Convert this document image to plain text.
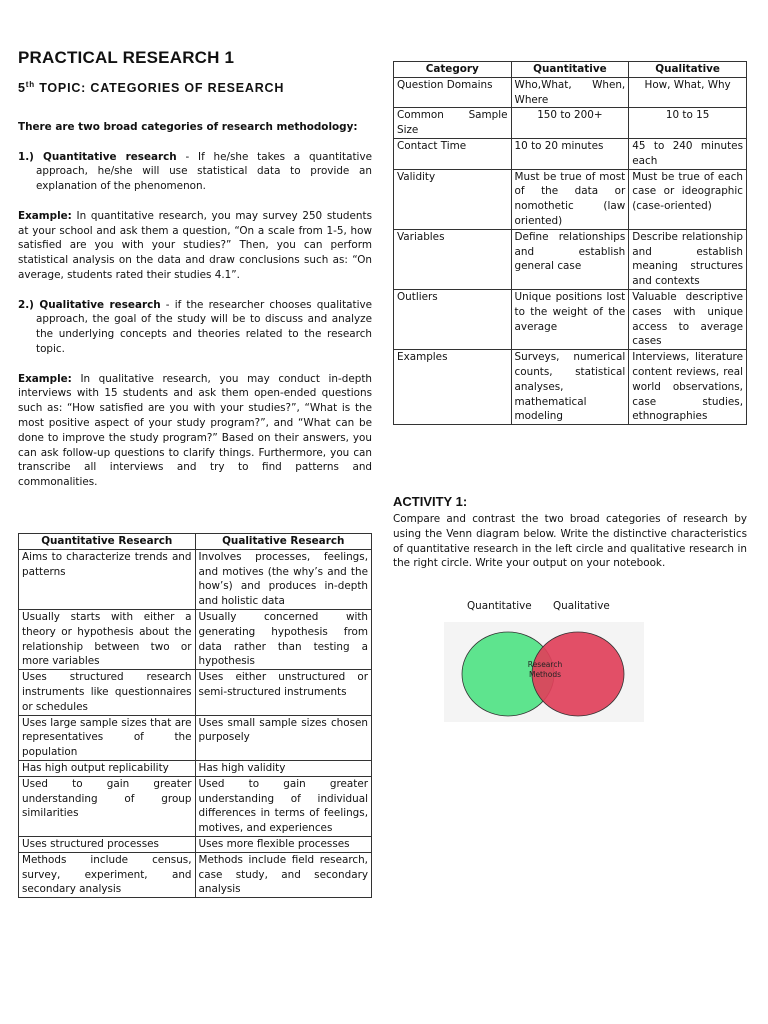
PRACTICAL RESEARCH 1
5th TOPIC: CATEGORIES OF RESEARCH

There are two broad categories of research methodology:

1.) Quantitative research - If he/she takes a quantitative approach, he/she will use statistical data to provide an explanation of the phenomenon.

Example: In quantitative research, you may survey 250 students at your school and ask them a question, “On a scale from 1-5, how satisfied are you with your studies?” Then, you can perform statistical analysis on the data and draw conclusions such as: “On average, students rated their studies 4.1”.

2.) Qualitative research - if the researcher chooses qualitative approach, the goal of the study will be to discuss and analyze the underlying concepts and theories related to the research topic.

Example: In qualitative research, you may conduct in-depth interviews with 15 students and ask them open-ended questions such as: “How satisfied are you with your studies?”, “What is the most positive aspect of your study program?”, and “What can be done to improve the study program?” Based on their answers, you can ask follow-up questions to clarify things. Furthermore, you can transcribe all interviews and try to find patterns and commonalities.

Quantitative Research	Qualitative Research
Aims to characterize trends and patterns	Involves processes, feelings, and motives (the why’s and the how’s) and produces in-depth and holistic data
Usually starts with either a theory or hypothesis about the relationship between two or more variables	Usually concerned with generating hypothesis from data rather than testing a hypothesis
Uses structured research instruments like questionnaires or schedules	Uses either unstructured or semi-structured instruments
Uses large sample sizes that are representatives of the population	Uses small sample sizes chosen purposely
Has high output replicability	Has high validity
Used to gain greater understanding of group similarities	Used to gain greater understanding of individual differences in terms of feelings, motives, and experiences
Uses structured processes	Uses more flexible processes
Methods include census, survey, experiment, and secondary analysis	Methods include field research, case study, and secondary analysis
Category	Quantitative	Qualitative
Question Domains	Who,What, When, Where	How, What, Why
Common Sample Size	150 to 200+	10 to 15
Contact Time	10 to 20 minutes	45 to 240 minutes each
Validity	Must be true of most of the data or nomothetic (law oriented)	Must be true of each case or ideographic (case-oriented)
Variables	Define relationships and establish general case	Describe relationship and establish meaning structures and contexts
Outliers	Unique positions lost to the weight of the average	Valuable descriptive cases with unique access to average cases
Examples	Surveys, numerical counts, statistical analyses, mathematical modeling	Interviews, literature content reviews, real world observations, case studies, ethnographies
ACTIVITY 1:
Compare and contrast the two broad categories of research by using the Venn diagram below. Write the distinctive characteristics of quantitative research in the left circle and qualitative research in the right circle. Write your output on your notebook.
Quantitative Qualitative
Research
Methods
